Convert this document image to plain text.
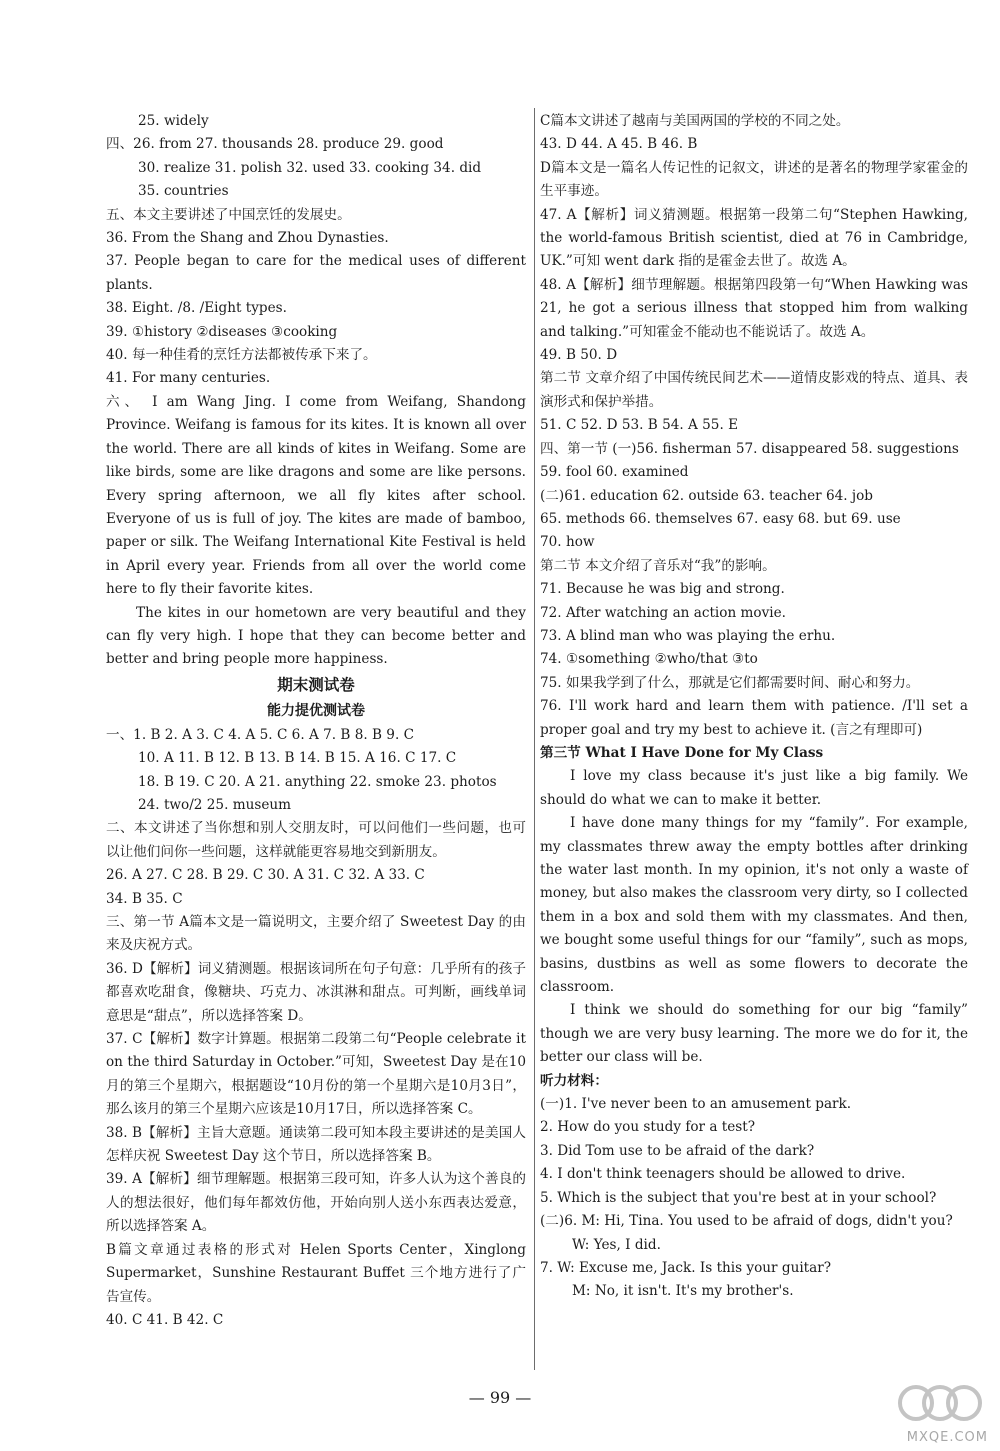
25. widely
四、26. from 27. thousands 28. produce 29. good
30. realize 31. polish 32. used 33. cooking 34. did
35. countries
五、本文主要讲述了中国烹饪的发展史。
36. From the Shang and Zhou Dynasties.
37. People began to care for the medical uses of different plants.
38. Eight. /8. /Eight types.
39. ①history ②diseases ③cooking
40. 每一种佳肴的烹饪方法都被传承下来了。
41. For many centuries.
六、 I am Wang Jing. I come from Weifang, Shandong Province. Weifang is famous for its kites. It is known all over the world. There are all kinds of kites in Weifang. Some are like birds, some are like dragons and some are like persons. Every spring afternoon, we all fly kites after school. Everyone of us is full of joy. The kites are made of bamboo, paper or silk. The Weifang International Kite Festival is held in April every year. Friends from all over the world come here to fly their favorite kites.
The kites in our hometown are very beautiful and they can fly very high. I hope that they can become better and better and bring people more happiness.
期末测试卷
能力提优测试卷
一、1. B 2. A 3. C 4. A 5. C 6. A 7. B 8. B 9. C
10. A 11. B 12. B 13. B 14. B 15. A 16. C 17. C
18. B 19. C 20. A 21. anything 22. smoke 23. photos
24. two/2 25. museum
二、本文讲述了当你想和别人交朋友时，可以问他们一些问题，也可以让他们问你一些问题，这样就能更容易地交到新朋友。
26. A 27. C 28. B 29. C 30. A 31. C 32. A 33. C
34. B 35. C
三、第一节 A篇本文是一篇说明文，主要介绍了 Sweetest Day 的由来及庆祝方式。
36. D【解析】词义猜测题。根据该词所在句子句意：几乎所有的孩子都喜欢吃甜食，像糖块、巧克力、冰淇淋和甜点。可判断，画线单词意思是“甜点”，所以选择答案 D。
37. C【解析】数字计算题。根据第二段第二句“People celebrate it on the third Saturday in October.”可知，Sweetest Day 是在10月的第三个星期六，根据题设“10月份的第一个星期六是10月3日”，那么该月的第三个星期六应该是10月17日，所以选择答案 C。
38. B【解析】主旨大意题。通读第二段可知本段主要讲述的是美国人怎样庆祝 Sweetest Day 这个节日，所以选择答案 B。
39. A【解析】细节理解题。根据第三段可知，许多人认为这个善良的人的想法很好，他们每年都效仿他，开始向别人送小东西表达爱意，所以选择答案 A。
B篇文章通过表格的形式对 Helen Sports Center，Xinglong Supermarket，Sunshine Restaurant Buffet 三个地方进行了广告宣传。
40. C 41. B 42. C
C篇本文讲述了越南与美国两国的学校的不同之处。
43. D 44. A 45. B 46. B
D篇本文是一篇名人传记性的记叙文，讲述的是著名的物理学家霍金的生平事迹。
47. A【解析】词义猜测题。根据第一段第二句“Stephen Hawking, the world-famous British scientist, died at 76 in Cambridge, UK.”可知 went dark 指的是霍金去世了。故选 A。
48. A【解析】细节理解题。根据第四段第一句“When Hawking was 21, he got a serious illness that stopped him from walking and talking.”可知霍金不能动也不能说话了。故选 A。
49. B 50. D
第二节 文章介绍了中国传统民间艺术——道情皮影戏的特点、道具、表演形式和保护举措。
51. C 52. D 53. B 54. A 55. E
四、第一节 (一)56. fisherman 57. disappeared 58. suggestions
59. fool 60. examined
(二)61. education 62. outside 63. teacher 64. job
65. methods 66. themselves 67. easy 68. but 69. use
70. how
第二节 本文介绍了音乐对“我”的影响。
71. Because he was big and strong.
72. After watching an action movie.
73. A blind man who was playing the erhu.
74. ①something ②who/that ③to
75. 如果我学到了什么，那就是它们都需要时间、耐心和努力。
76. I'll work hard and learn them with patience. /I'll set a proper goal and try my best to achieve it. (言之有理即可)
第三节 What I Have Done for My Class
I love my class because it's just like a big family. We should do what we can to make it better.
I have done many things for my “family”. For example, my classmates threw away the empty bottles after drinking the water last month. In my opinion, it's not only a waste of money, but also makes the classroom very dirty, so I collected them in a box and sold them with my classmates. And then, we bought some useful things for our “family”, such as mops, basins, dustbins as well as some flowers to decorate the classroom.
I think we should do something for our big “family” though we are very busy learning. The more we do for it, the better our class will be.
听力材料：
(一)1. I've never been to an amusement park.
2. How do you study for a test?
3. Did Tom use to be afraid of the dark?
4. I don't think teenagers should be allowed to drive.
5. Which is the subject that you're best at in your school?
(二)6. M: Hi, Tina. You used to be afraid of dogs, didn't you?
W: Yes, I did.
7. W: Excuse me, Jack. Is this your guitar?
M: No, it isn't. It's my brother's.
— 99 —
MXQE.COM
